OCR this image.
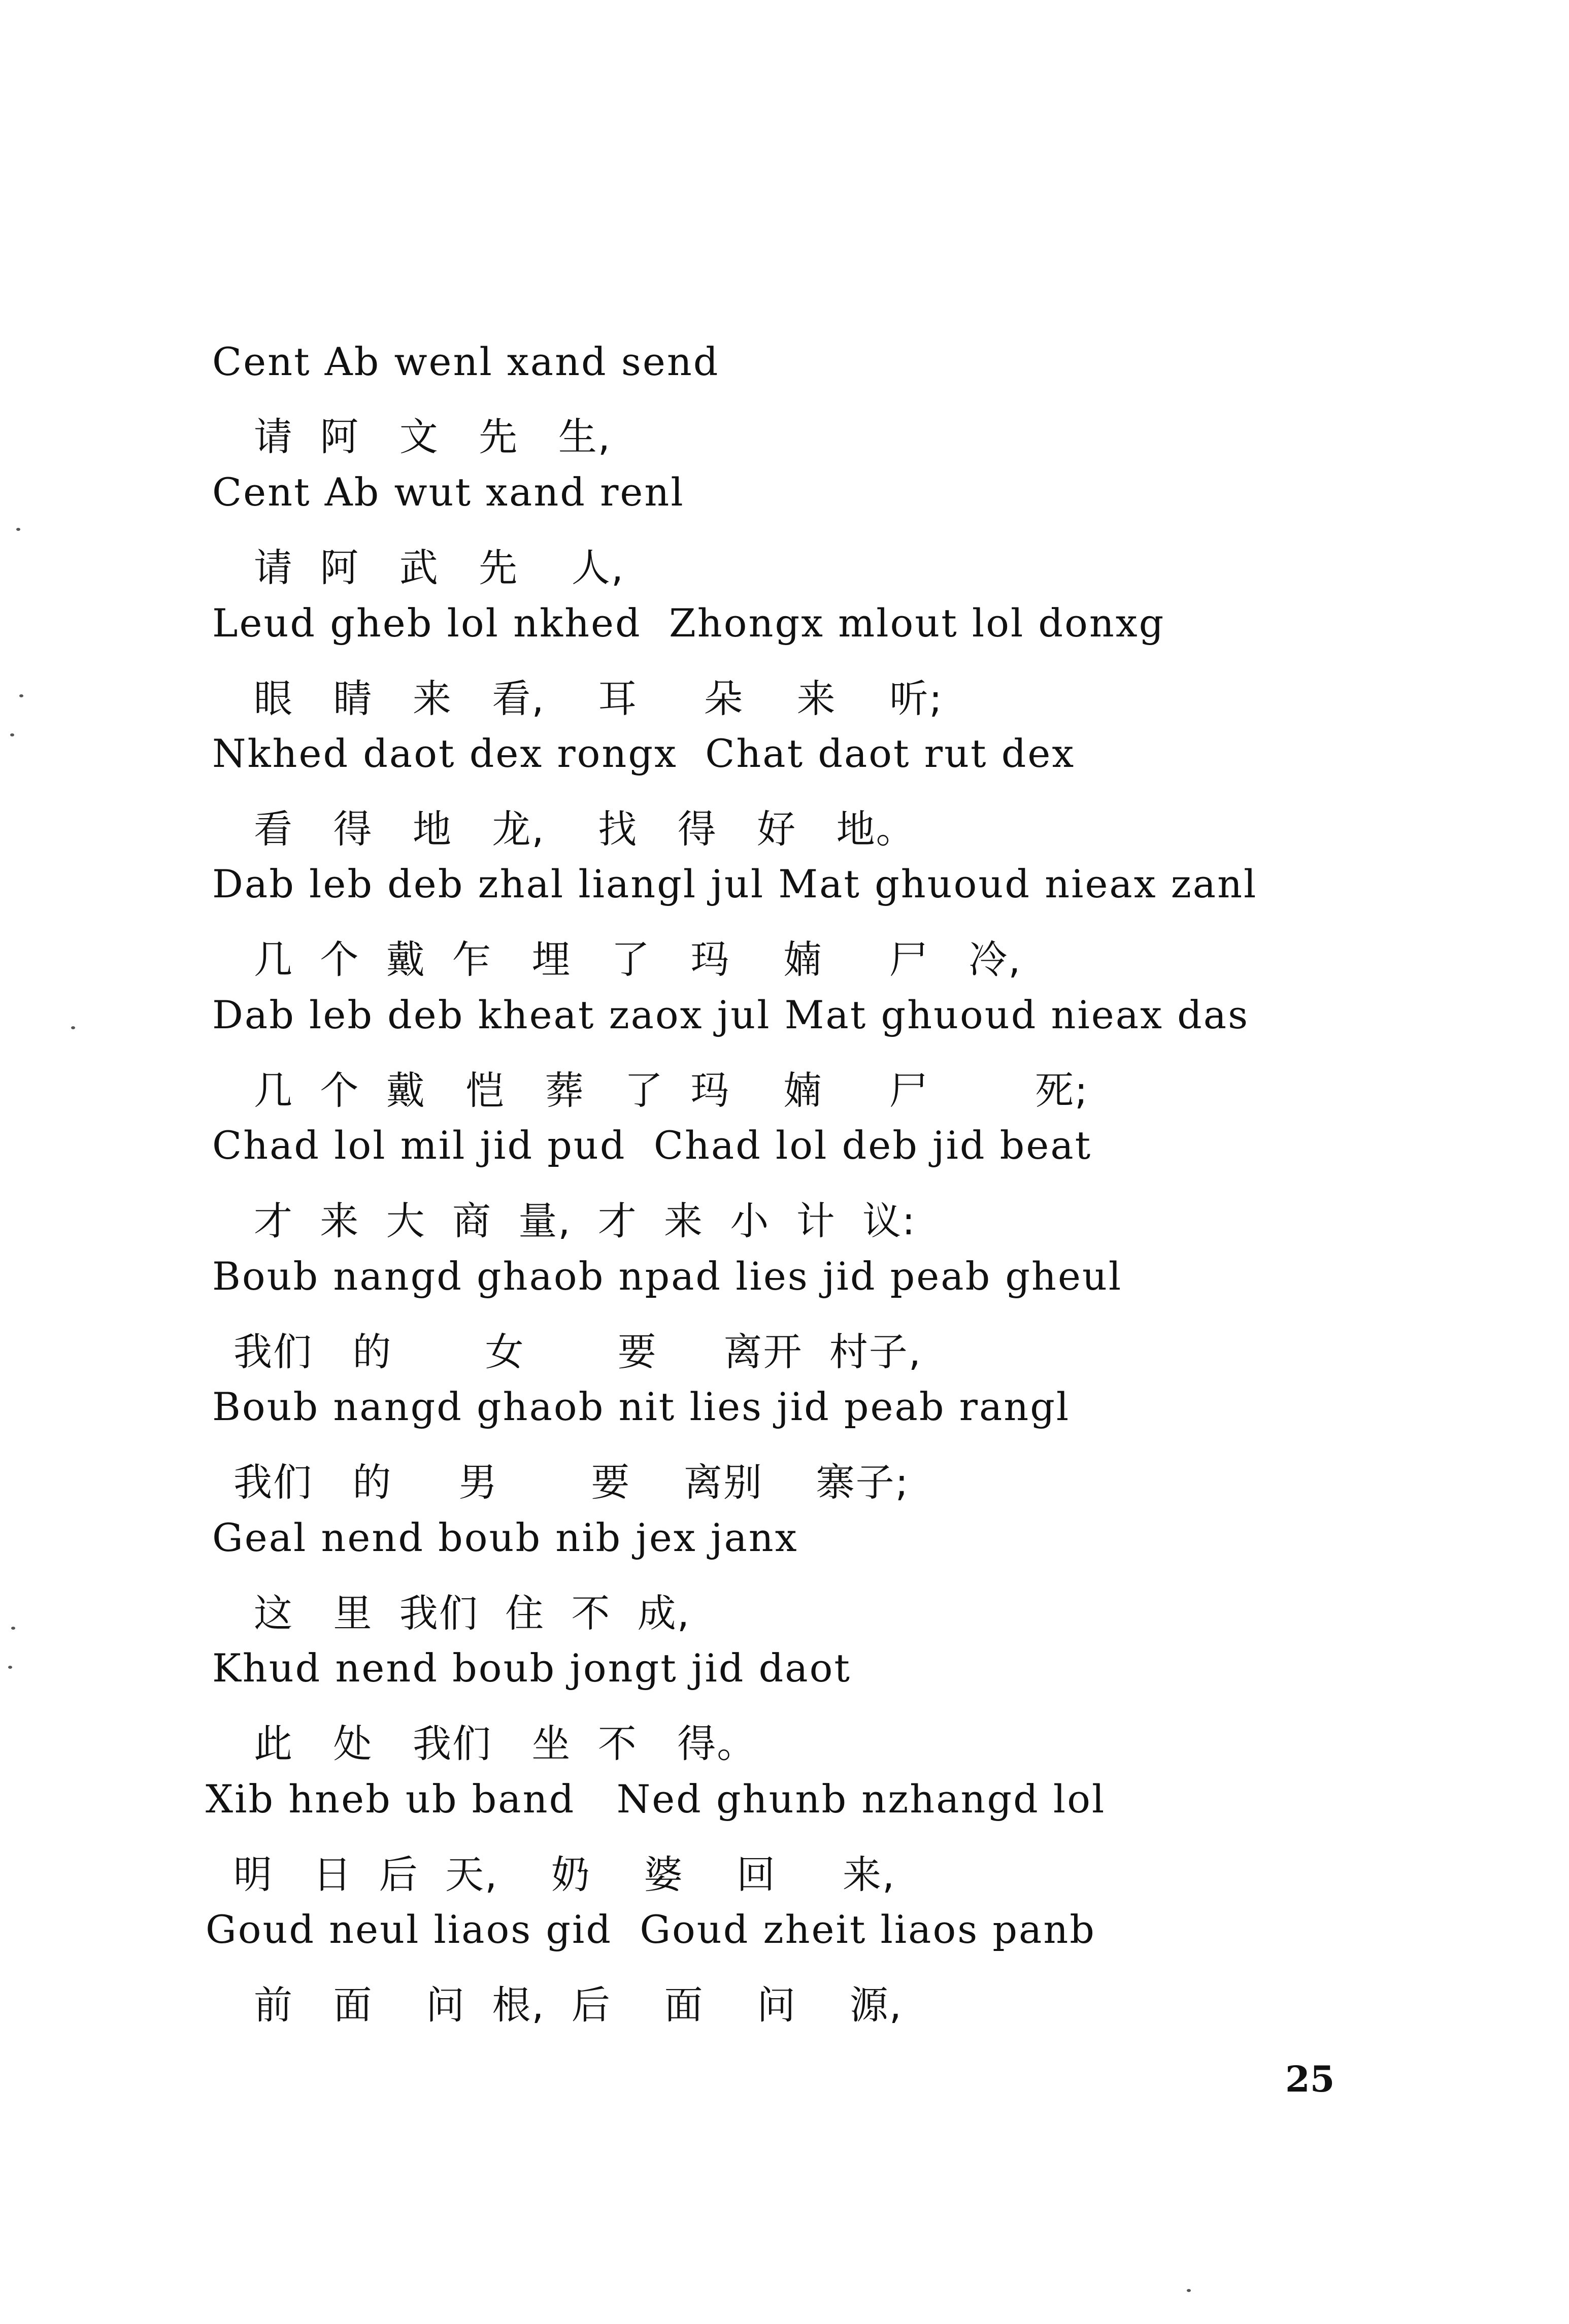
Cent Ab wenl xand send
请  阿   文   先   生,
Cent Ab wut xand renl
请  阿   武   先    人,
Leud gheb lol nkhed  Zhongx mlout lol donxg
眼   睛   来   看,    耳     朵    来    听;
Nkhed daot dex rongx  Chat daot rut dex
看   得   地   龙,    找   得   好   地。
Dab leb deb zhal liangl jul Mat ghuoud nieax zanl
几  个  戴  乍   埋   了   玛    婻     尸   冷,
Dab leb deb kheat zaox jul Mat ghuoud nieax das
几  个  戴   恺   葬   了  玛    婻     尸        死;
Chad lol mil jid pud  Chad lol deb jid beat
才  来  大  商  量,  才  来  小  计  议:
Boub nangd ghaob npad lies jid peab gheul
我们   的       女       要     离开  村子,
Boub nangd ghaob nit lies jid peab rangl
我们   的     男       要    离别    寨子;
Geal nend boub nib jex janx
这   里  我们  住  不  成,
Khud nend boub jongt jid daot
此   处   我们   坐  不   得。
Xib hneb ub band   Ned ghunb nzhangd lol
明   日  后  天,    奶    婆    回     来,
Goud neul liaos gid  Goud zheit liaos panb
前   面    问  根,  后    面    问    源,
25
